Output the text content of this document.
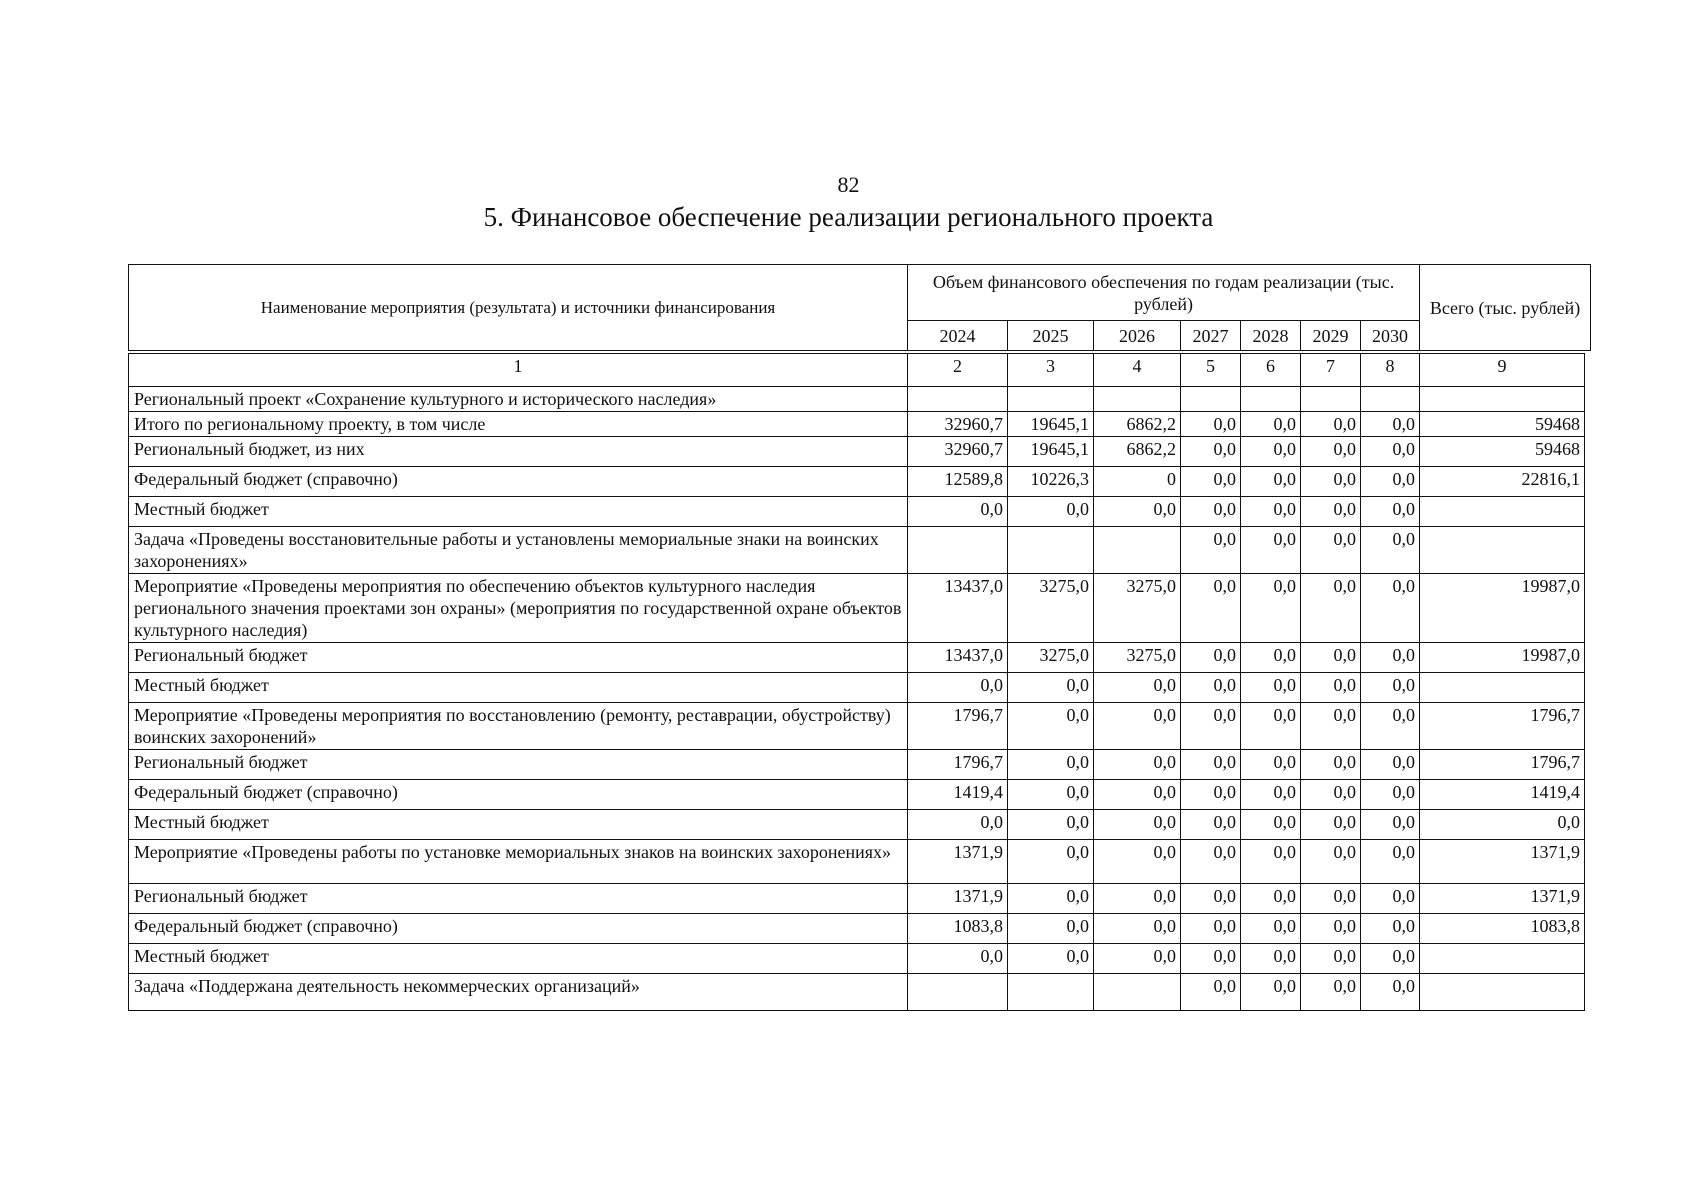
82
5. Финансовое обеспечение реализации регионального проекта
Наименование мероприятия (результата) и источники финансирования	Объем финансового обеспечения по годам реализации (тыс. рублей)							Всего (тыс. рублей)
	2024	2025	2026	2027	2028	2029	2030	
1	2	3	4	5	6	7	8	9
Региональный проект «Сохранение культурного и исторического наследия»								
Итого по региональному проекту, в том числе	32960,7	19645,1	6862,2	0,0	0,0	0,0	0,0	59468
Региональный бюджет, из них	32960,7	19645,1	6862,2	0,0	0,0	0,0	0,0	59468
Федеральный бюджет (справочно)	12589,8	10226,3	0	0,0	0,0	0,0	0,0	22816,1
Местный бюджет	0,0	0,0	0,0	0,0	0,0	0,0	0,0	
Задача «Проведены восстановительные работы и установлены мемориальные знаки на воинских захоронениях»				0,0	0,0	0,0	0,0	
Мероприятие «Проведены мероприятия по обеспечению объектов культурного наследия регионального значения проектами зон охраны» (мероприятия по государственной охране объектов культурного наследия)	13437,0	3275,0	3275,0	0,0	0,0	0,0	0,0	19987,0
Региональный бюджет	13437,0	3275,0	3275,0	0,0	0,0	0,0	0,0	19987,0
Местный бюджет	0,0	0,0	0,0	0,0	0,0	0,0	0,0	
Мероприятие «Проведены мероприятия по восстановлению (ремонту, реставрации, обустройству) воинских захоронений»	1796,7	0,0	0,0	0,0	0,0	0,0	0,0	1796,7
Региональный бюджет	1796,7	0,0	0,0	0,0	0,0	0,0	0,0	1796,7
Федеральный бюджет (справочно)	1419,4	0,0	0,0	0,0	0,0	0,0	0,0	1419,4
Местный бюджет	0,0	0,0	0,0	0,0	0,0	0,0	0,0	0,0
Мероприятие «Проведены работы по установке мемориальных знаков на воинских захоронениях»	1371,9	0,0	0,0	0,0	0,0	0,0	0,0	1371,9
Региональный бюджет	1371,9	0,0	0,0	0,0	0,0	0,0	0,0	1371,9
Федеральный бюджет (справочно)	1083,8	0,0	0,0	0,0	0,0	0,0	0,0	1083,8
Местный бюджет	0,0	0,0	0,0	0,0	0,0	0,0	0,0	
Задача «Поддержана деятельность некоммерческих организаций»				0,0	0,0	0,0	0,0	
